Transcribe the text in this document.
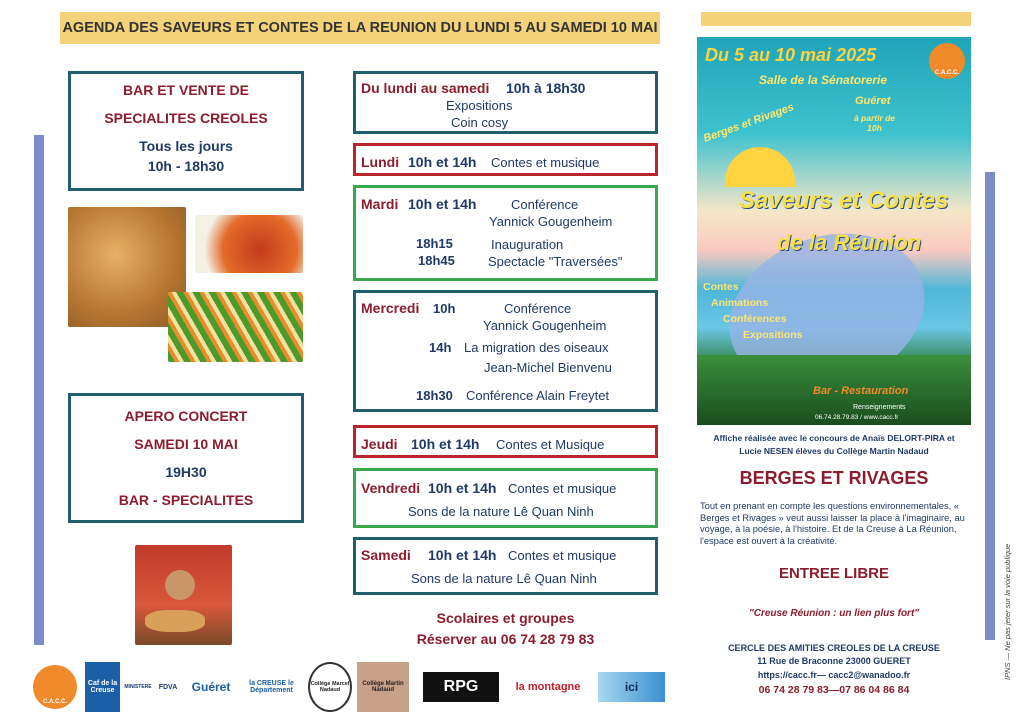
AGENDA DES SAVEURS ET CONTES DE LA REUNION DU LUNDI 5 AU SAMEDI 10 MAI
BAR ET VENTE DE
SPECIALITES CREOLES
Tous les jours
10h - 18h30
APERO CONCERT
SAMEDI 10 MAI
19H30
BAR - SPECIALITES
Du lundi au samedi 10h à 18h30
Expositions
Coin cosy
Lundi 10h et 14h Contes et musique
Mardi 10h et 14h	Conférence
Yannick Gougenheim
18h15	Inauguration
18h45	Spectacle "Traversées"
Mercredi 10h	Conférence
Yannick Gougenheim
14h La migration des oiseaux
Jean-Michel Bienvenu
18h30 Conférence Alain Freytet
Jeudi 10h et 14h Contes et Musique
Vendredi 10h et 14h Contes et musique
Sons de la nature Lê Quan Ninh
Samedi 10h et 14h Contes et musique
Sons de la nature Lê Quan Ninh
Scolaires et groupes
Réserver au 06 74 28 79 83
C.A.C.C.
Du 5 au 10 mai 2025
Salle de la Sénatorerie
Guéret
à partir de 10h
Berges et Rivages
Saveurs et Contes
de la Réunion
Contes
Animations
Conférences
Expositions
Bar - Restauration
Renseignements
06.74.28.79.83 / www.cacc.fr
Affiche réalisée avec le concours de Anaïs DELORT-PIRA et
Lucie NESEN élèves du Collège Martin Nadaud
BERGES ET RIVAGES
Tout en prenant en compte les questions environnementales, « Berges et Rivages » veut aussi laisser la place à l'imaginaire, au voyage, à la poésie, à l'histoire. Et de la Creuse à La Réunion, l'espace est ouvert à la créativité.
ENTREE LIBRE
"Creuse Réunion : un lien plus fort"
CERCLE DES AMITIES CREOLES DE LA CREUSE
11 Rue de Braconne 23000 GUERET
https://cacc.fr— cacc2@wanadoo.fr
06 74 28 79 83—07 86 04 86 84
IPNS — Ne pas jeter sur la voie publique
C.A.C.C.
Caf de la Creuse	MINISTERE	FDVA	Guéret	la CREUSE le Département
Collège Marcel Nadaud
Collège Martin Nadaud	RPG	la montagne	ici
